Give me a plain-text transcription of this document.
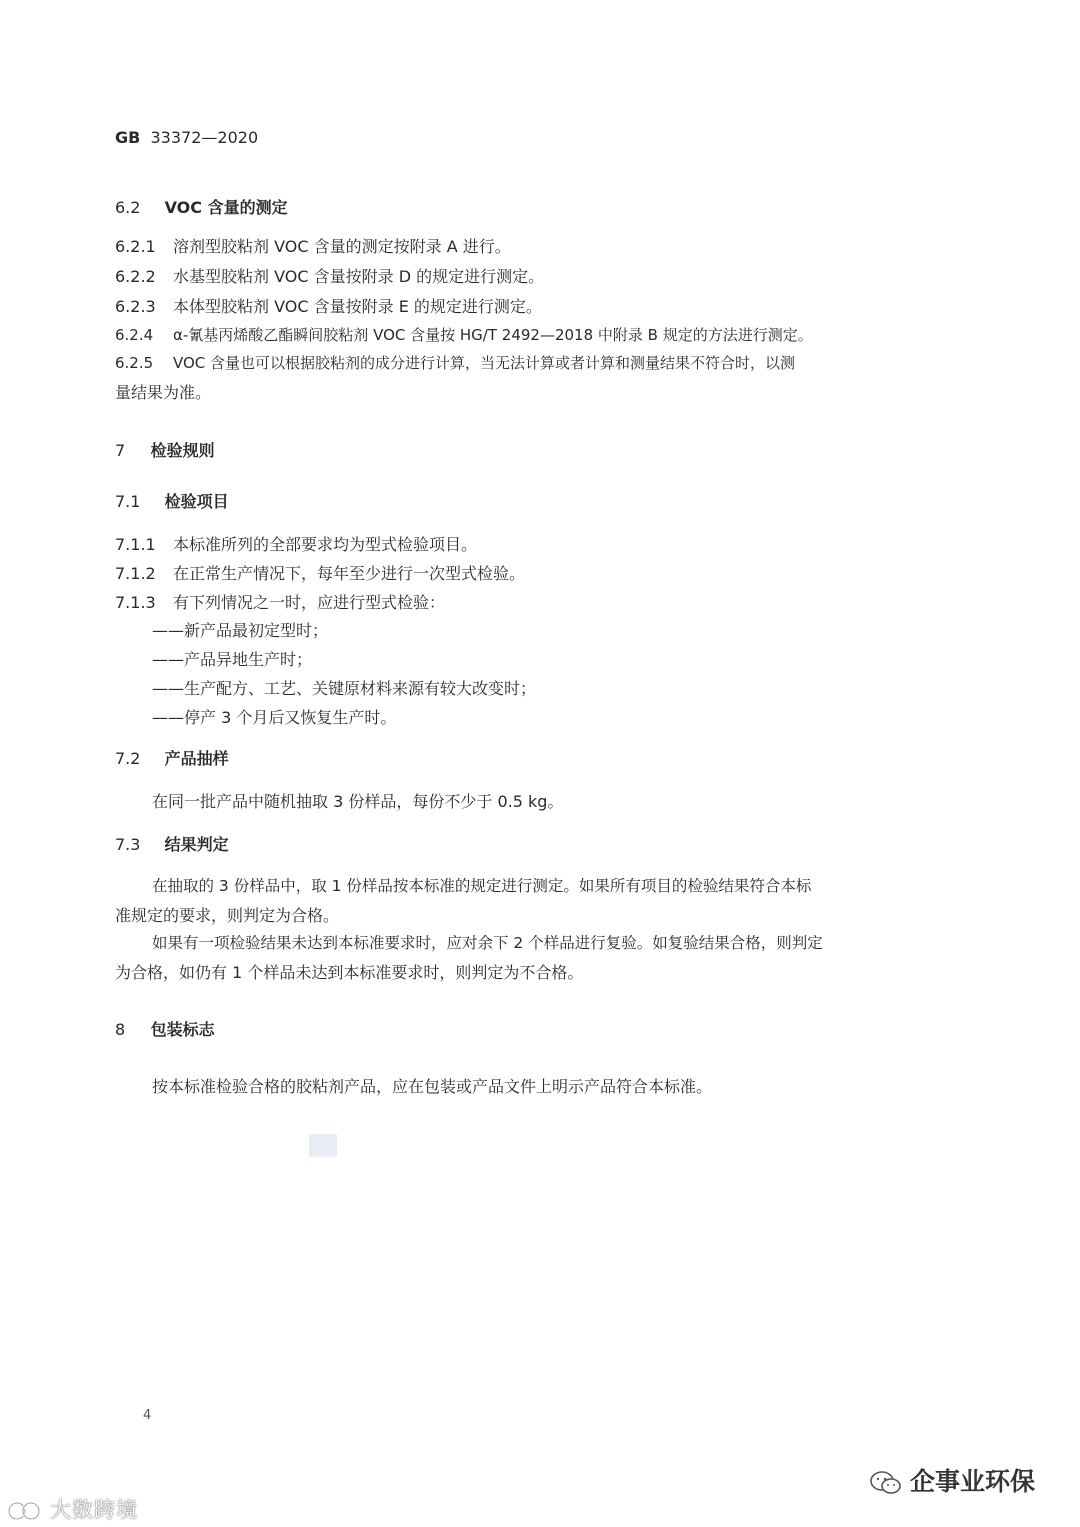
GB 33372—2020
6.2 VOC 含量的测定
6.2.1 溶剂型胶粘剂 VOC 含量的测定按附录 A 进行。
6.2.2 水基型胶粘剂 VOC 含量按附录 D 的规定进行测定。
6.2.3 本体型胶粘剂 VOC 含量按附录 E 的规定进行测定。
6.2.4 α-氰基丙烯酸乙酯瞬间胶粘剂 VOC 含量按 HG/T 2492—2018 中附录 B 规定的方法进行测定。
6.2.5 VOC 含量也可以根据胶粘剂的成分进行计算，当无法计算或者计算和测量结果不符合时，以测
量结果为准。
7 检验规则
7.1 检验项目
7.1.1 本标准所列的全部要求均为型式检验项目。
7.1.2 在正常生产情况下，每年至少进行一次型式检验。
7.1.3 有下列情况之一时，应进行型式检验：
——新产品最初定型时；
——产品异地生产时；
——生产配方、工艺、关键原材料来源有较大改变时；
——停产 3 个月后又恢复生产时。
7.2 产品抽样
在同一批产品中随机抽取 3 份样品，每份不少于 0.5 kg。
7.3 结果判定
在抽取的 3 份样品中，取 1 份样品按本标准的规定进行测定。如果所有项目的检验结果符合本标
准规定的要求，则判定为合格。
如果有一项检验结果未达到本标准要求时，应对余下 2 个样品进行复验。如复验结果合格，则判定
为合格，如仍有 1 个样品未达到本标准要求时，则判定为不合格。
8 包装标志
按本标准检验合格的胶粘剂产品，应在包装或产品文件上明示产品符合本标准。
4
企事业环保
大数跨境
